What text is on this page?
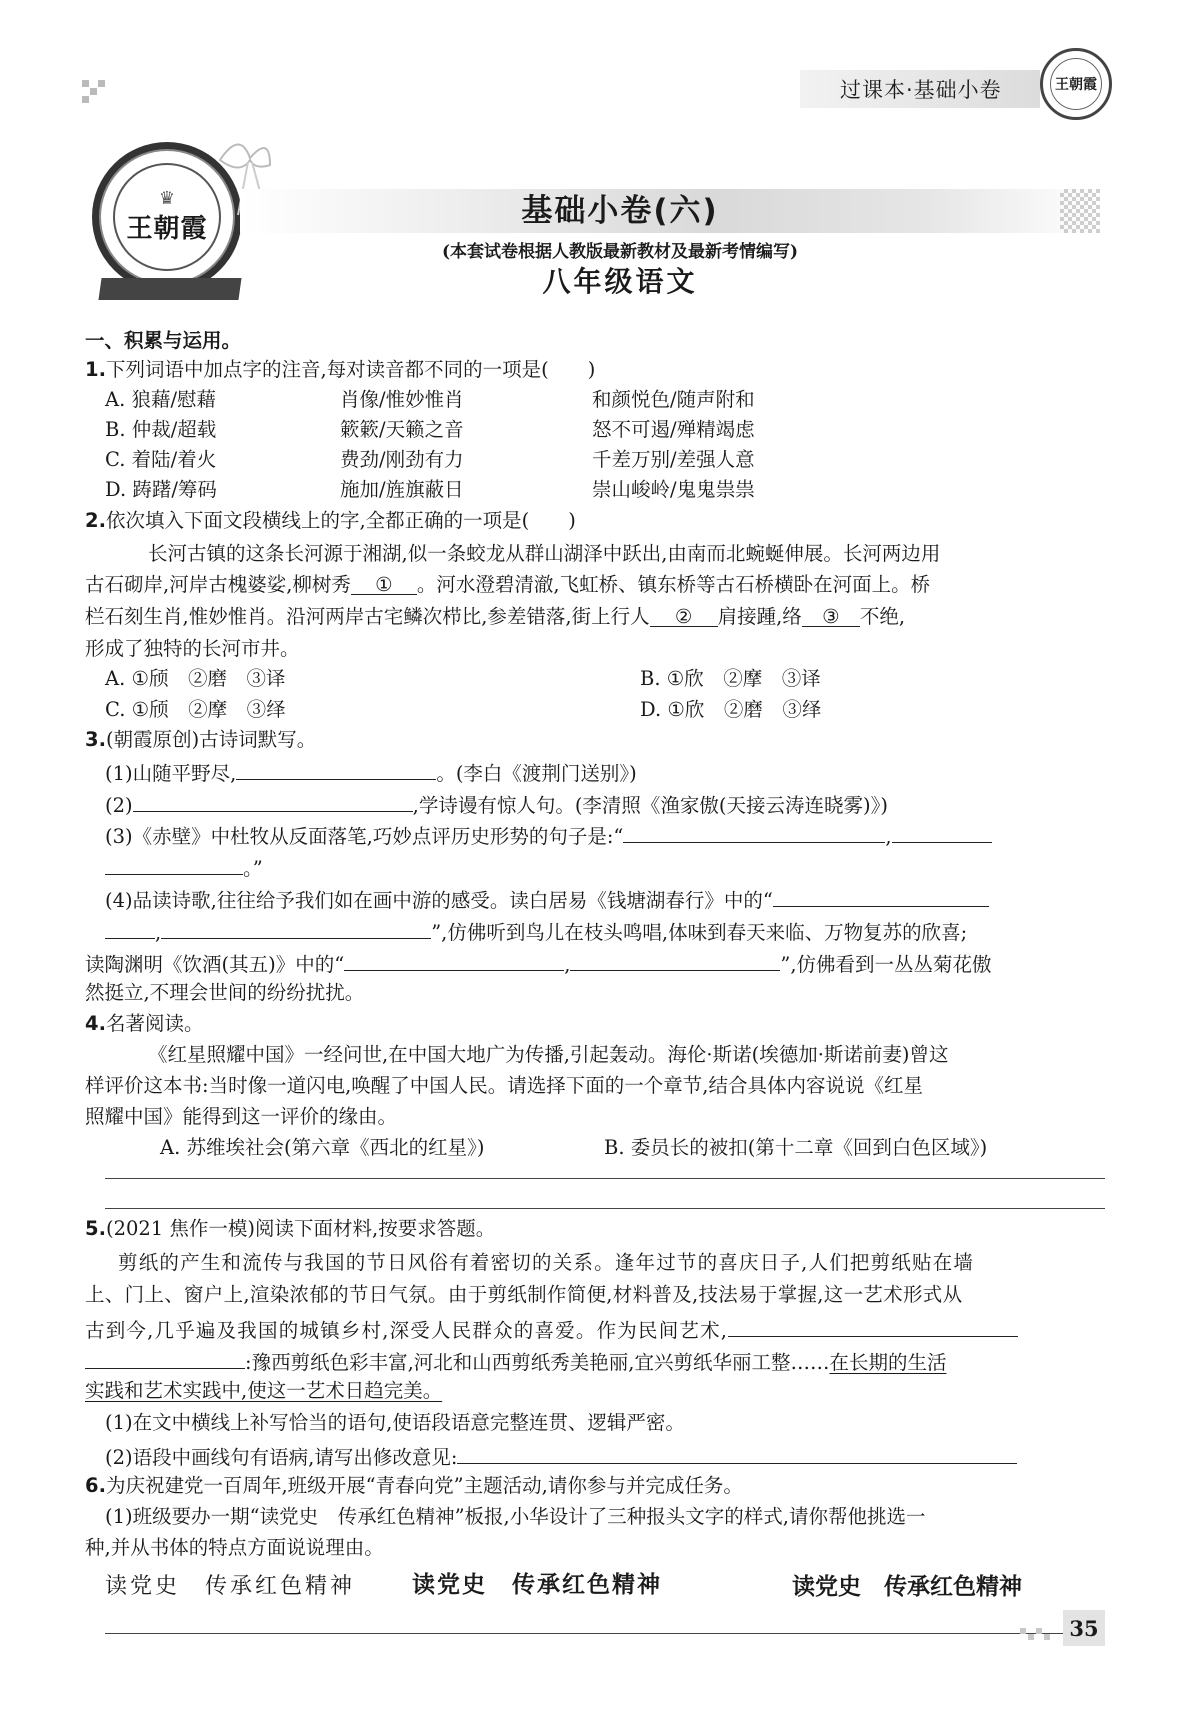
过课本·基础小卷	王朝霞
♛
王朝霞	基础小卷(六)
(本套试卷根据人教版最新教材及最新考情编写)
八年级语文
一、积累与运用。
1.下列词语中加点字的注音,每对读音都不同的一项是(　　)
A. 狼藉/慰藉	肖像/惟妙惟肖	和颜悦色/随声附和
B. 仲裁/超载	簌簌/天籁之音	怒不可遏/殚精竭虑
C. 着陆/着火	费劲/刚劲有力	千差万别/差强人意
D. 踌躇/筹码	施加/旌旗蔽日	崇山峻岭/鬼鬼祟祟
2.依次填入下面文段横线上的字,全都正确的一项是(　　)
长河古镇的这条长河源于湘湖,似一条蛟龙从群山湖泽中跃出,由南而北蜿蜒伸展。长河两边用
古石砌岸,河岸古槐婆娑,柳树秀 ① 。河水澄碧清澈,飞虹桥、镇东桥等古石桥横卧在河面上。桥
栏石刻生肖,惟妙惟肖。沿河两岸古宅鳞次栉比,参差错落,街上行人 ② 肩接踵,络 ③ 不绝,
形成了独特的长河市井。
A. ①颀　②磨　③译	B. ①欣　②摩　③译
C. ①颀　②摩　③绎	D. ①欣　②磨　③绎
3.(朝霞原创)古诗词默写。
(1)山随平野尽,	。(李白《渡荆门送别》)
(2)	,学诗谩有惊人句。(李清照《渔家傲(天接云涛连晓雾)》)
(3)《赤壁》中杜牧从反面落笔,巧妙点评历史形势的句子是:“	,
。”
(4)品读诗歌,往往给予我们如在画中游的感受。读白居易《钱塘湖春行》中的“
,	”,仿佛听到鸟儿在枝头鸣唱,体味到春天来临、万物复苏的欣喜;
读陶渊明《饮酒(其五)》中的“	,	”,仿佛看到一丛丛菊花傲
然挺立,不理会世间的纷纷扰扰。
4.名著阅读。
《红星照耀中国》一经问世,在中国大地广为传播,引起轰动。海伦·斯诺(埃德加·斯诺前妻)曾这
样评价这本书:当时像一道闪电,唤醒了中国人民。请选择下面的一个章节,结合具体内容说说《红星
照耀中国》能得到这一评价的缘由。
A. 苏维埃社会(第六章《西北的红星》)	B. 委员长的被扣(第十二章《回到白色区域》)
5.(2021 焦作一模)阅读下面材料,按要求答题。
剪纸的产生和流传与我国的节日风俗有着密切的关系。逢年过节的喜庆日子,人们把剪纸贴在墙
上、门上、窗户上,渲染浓郁的节日气氛。由于剪纸制作简便,材料普及,技法易于掌握,这一艺术形式从
古到今,几乎遍及我国的城镇乡村,深受人民群众的喜爱。作为民间艺术,
:豫西剪纸色彩丰富,河北和山西剪纸秀美艳丽,宜兴剪纸华丽工整……在长期的生活
实践和艺术实践中,使这一艺术日趋完美。
(1)在文中横线上补写恰当的语句,使语段语意完整连贯、逻辑严密。
(2)语段中画线句有语病,请写出修改意见:
6.为庆祝建党一百周年,班级开展“青春向党”主题活动,请你参与并完成任务。
(1)班级要办一期“读党史　传承红色精神”板报,小华设计了三种报头文字的样式,请你帮他挑选一
种,并从书体的特点方面说说理由。
读党史　传承红色精神 读党史　传承红色精神	读党史　传承红色精神
35
